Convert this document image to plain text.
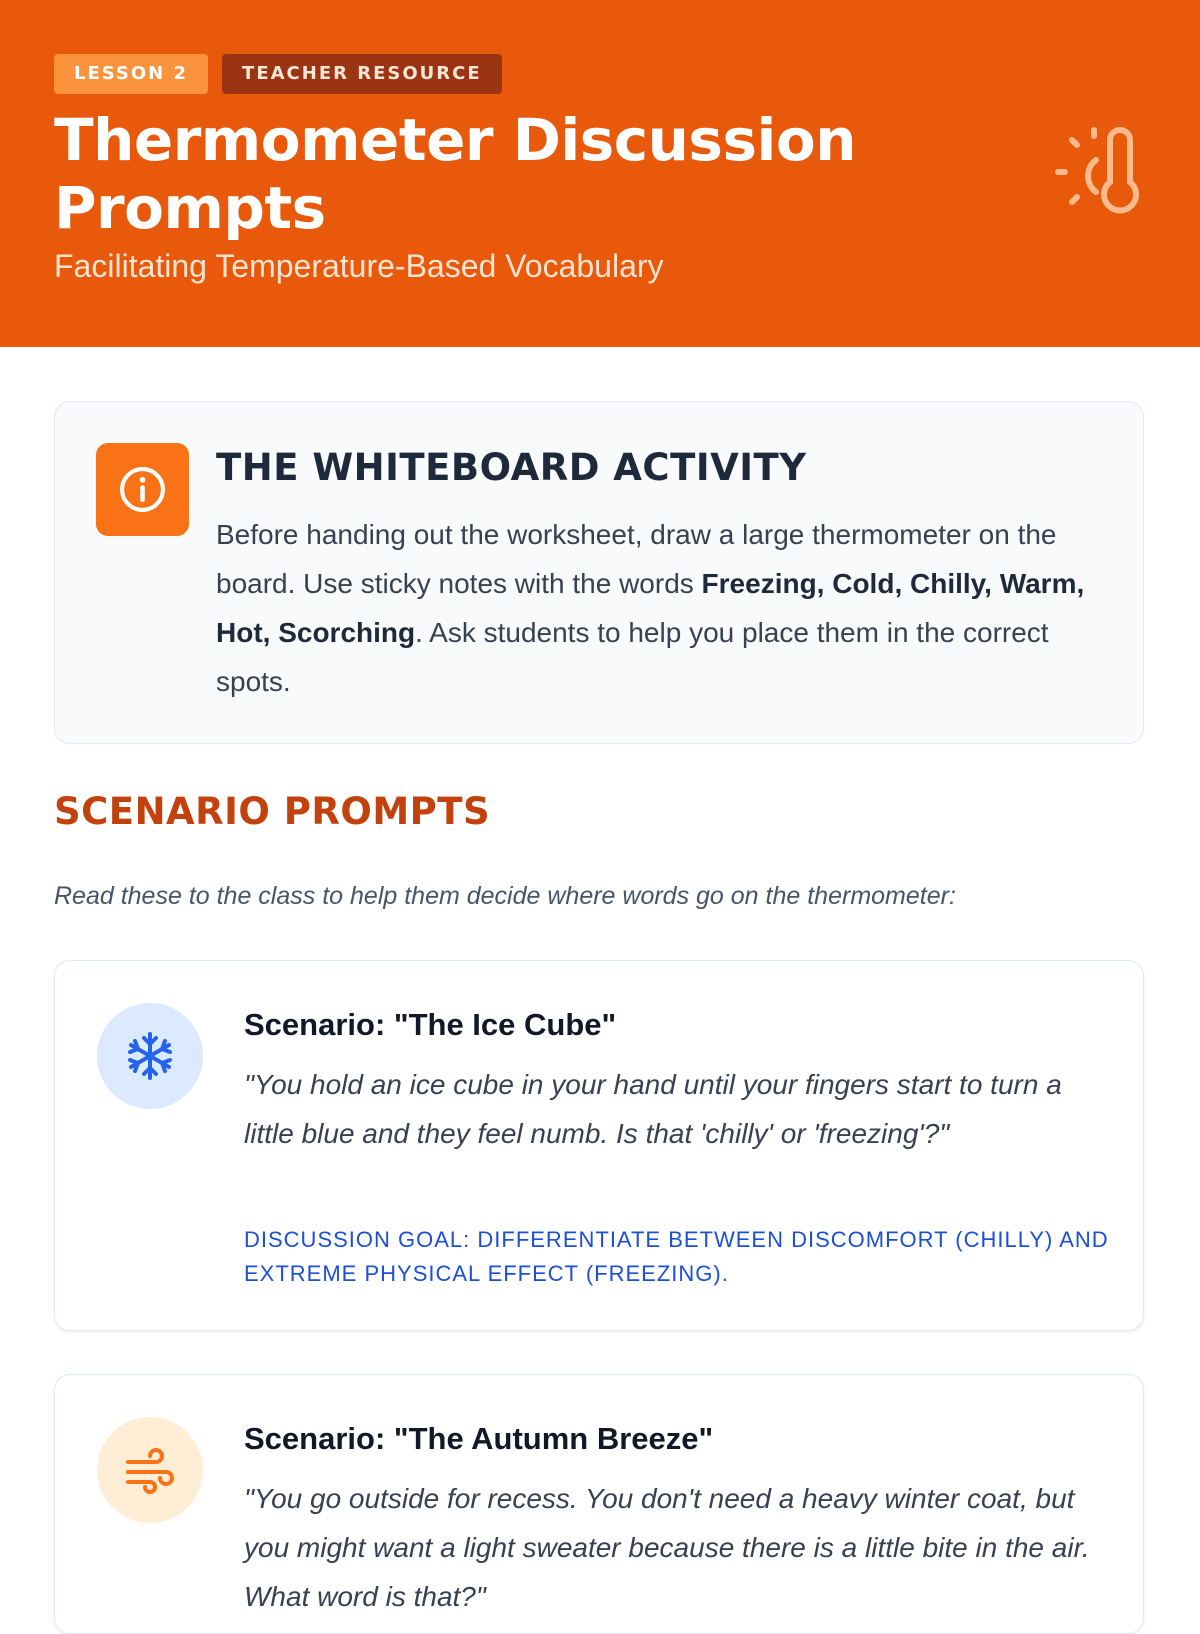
LESSON 2	TEACHER RESOURCE
Thermometer Discussion Prompts

Facilitating Temperature-Based Vocabulary

THE WHITEBOARD ACTIVITY

Before handing out the worksheet, draw a large thermometer on the board. Use sticky notes with the words Freezing, Cold, Chilly, Warm, Hot, Scorching. Ask students to help you place them in the correct spots.

SCENARIO PROMPTS

Read these to the class to help them decide where words go on the thermometer:

Scenario: "The Ice Cube"

"You hold an ice cube in your hand until your fingers start to turn a little blue and they feel numb. Is that 'chilly' or 'freezing'?"

DISCUSSION GOAL: DIFFERENTIATE BETWEEN DISCOMFORT (CHILLY) AND EXTREME PHYSICAL EFFECT (FREEZING).

Scenario: "The Autumn Breeze"

"You go outside for recess. You don't need a heavy winter coat, but you might want a light sweater because there is a little bite in the air. What word is that?"
